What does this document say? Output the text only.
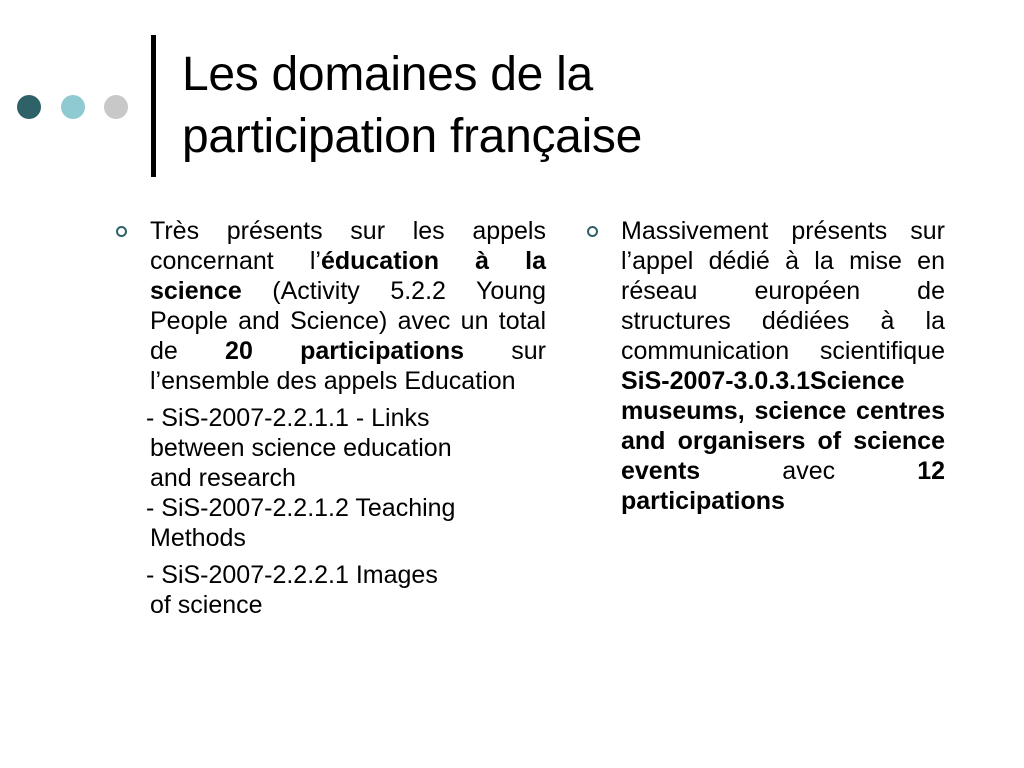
Les domaines de la
participation française

Très présents sur les appels concernant l’éducation à la science (Activity 5.2.2 Young People and Science) avec un total de 20 participations sur l’ensemble des appels Education

- SiS-2007-2.2.1.1 - Links
between science education
and research
- SiS-2007-2.2.1.2 Teaching
Methods
- SiS-2007-2.2.2.1 Images
of science

Massivement présents sur l’appel dédié à la mise en réseau européen de structures dédiées à la communication scientifique SiS-2007-3.0.3.1Science museums, science centres and organisers of science events avec 12 participations
